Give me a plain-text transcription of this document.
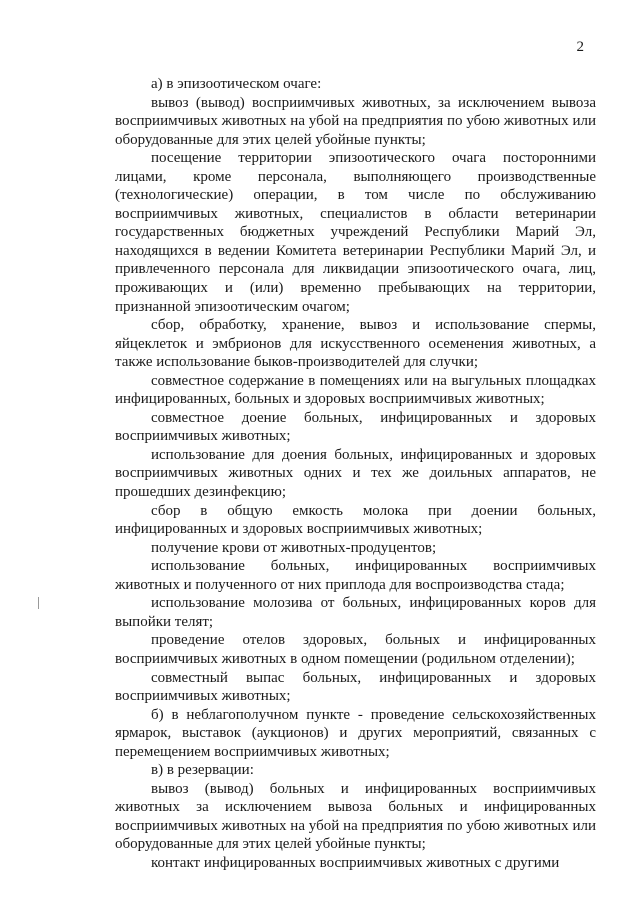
2

а) в эпизоотическом очаге:

вывоз (вывод) восприимчивых животных, за исключением вывоза восприимчивых животных на убой на предприятия по убою животных или оборудованные для этих целей убойные пункты;

посещение территории эпизоотического очага посторонними лицами, кроме персонала, выполняющего производственные (технологические) операции, в том числе по обслуживанию восприимчивых животных, специалистов в области ветеринарии государственных бюджетных учреждений Республики Марий Эл, находящихся в ведении Комитета ветеринарии Республики Марий Эл, и привлеченного персонала для ликвидации эпизоотического очага, лиц, проживающих и (или) временно пребывающих на территории, признанной эпизоотическим очагом;

сбор, обработку, хранение, вывоз и использование спермы, яйцеклеток и эмбрионов для искусственного осеменения животных, а также использование быков-производителей для случки;

совместное содержание в помещениях или на выгульных площадках инфицированных, больных и здоровых восприимчивых животных;

совместное доение больных, инфицированных и здоровых восприимчивых животных;

использование для доения больных, инфицированных и здоровых восприимчивых животных одних и тех же доильных аппаратов, не прошедших дезинфекцию;

сбор в общую емкость молока при доении больных, инфицированных и здоровых восприимчивых животных;

получение крови от животных-продуцентов;

использование больных, инфицированных восприимчивых животных и полученного от них приплода для воспроизводства стада;

использование молозива от больных, инфицированных коров для выпойки телят;

проведение отелов здоровых, больных и инфицированных восприимчивых животных в одном помещении (родильном отделении);

совместный выпас больных, инфицированных и здоровых восприимчивых животных;

б) в неблагополучном пункте - проведение сельскохозяйственных ярмарок, выставок (аукционов) и других мероприятий, связанных с перемещением восприимчивых животных;

в) в резервации:

вывоз (вывод) больных и инфицированных восприимчивых животных за исключением вывоза больных и инфицированных восприимчивых животных на убой на предприятия по убою животных или оборудованные для этих целей убойные пункты;

контакт инфицированных восприимчивых животных с другими
